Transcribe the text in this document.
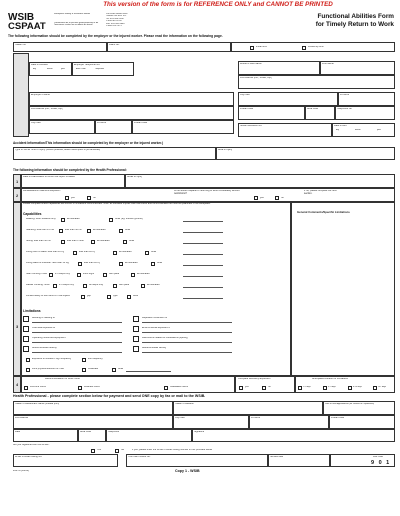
This version of the form is for REFERENCE ONLY and CANNOT BE PRINTED
WSIB
CSPAAT
Workplace Safety & Insurance Board
Commission de la sécurité professionnelle et de l'assurance contre les accidents du travail
200 Front Street West
Toronto ON M5V 3J1
Tel: 416-344-1000
1-800-387-0750
Fax: 416-344-4684
1-888-313-7373
Functional Abilities Form
for Timely Return to Work
The following information should be completed by the employer or the injured worker. Please read the information on the following page.
Health No.	Claim No.
Initial form	Follow-up form
Date of Accident
day	month	year
Employer Telephone No.
Area Code	Telephone
Employer's Name
Full Address (No., Street, Apt.)
City/Town	Province	Postal Code
Worker's Last Name	First Name
Full Address (No., Street, Apt.)
City/Town	Province
Postal Code	Area Code	Telephone No.
Social Insurance No.	Date of Birth
day	month	year
Accident Information/This information should be completed by the employer or the injured worker.)
Type of Job at Time of Injury (Where possible, attach description of job activities)	Area of Injury
The following information should be completed by the Health Professional:
1
Date of examination on which the report is based	Areas of Injury
2
Rehabilitation/Treatment Required?
yes	no
Is the worker capable of returning to work immediately without restrictions?
yes	no
If no, please complete the next section.
3
Please complete where capabilities are known or limitations recommended. Note: as tolerated implies that restrictions and recommended but must be quantified in the workplace.
Capabilities	General Comments/Specific Limitations
Walking: short distance only	as tolerated	other (eg. uneven ground)
Standing: less than 15 min	less than 30 min	as tolerated	other
Sitting: less than 30 min	less than 1 hour	as tolerated	other
Lifting floor to waist: less than 10 Kg	less than 20 Kg	as tolerated	other
Lifting waist to shoulder: less than 10 Kg	less than 20 Kg	as tolerated	other
Stair climbing: none	2-3 steps only	short flight	own pace	as tolerated
Ladder climbing: none	2-3 steps only	All steps only	own pace	as tolerated
Limited ability to use hand to: hold objects	grip	type	write
Limitations
Bending or twisting of	Repetitive movement of
Chemical exposure to	Environmental exposure to
Operating motorized equipment	Restrictions related to medications (specify)
Above-shoulder activity	Below-shoulder activity
Exposure to vibration: high frequency	low frequency
Limit physical exertion to: mild	moderate	other
4
Recommendation for Work Hours
Full-time hours	Modified hours	Graduated hours
Complete Recovery Expected?
yes	no
Anticipated Duration of Limitations
1-2 days	3-7 days	8-14 days	14+ days
Health Professional - please complete section below for payment and send ONE copy by fax or mail to the WSIB.
Health Professional's Name (Please print)	Health Profession	Date of Next Appointment (for Review of Capabilities)
Full Address	City/Town	Province	Postal Code
Date	Area Code	Telephone	Signature
Are you registered with the WSIB?
Yes	No	If yes, please enter the WSIB Provider Billing number in box provided below
WSIB Provider Billing No.	Your own Invoice No.	Service date	Fee code
9 0 1
2647A (11/06)	Copy 1 - WSIB
